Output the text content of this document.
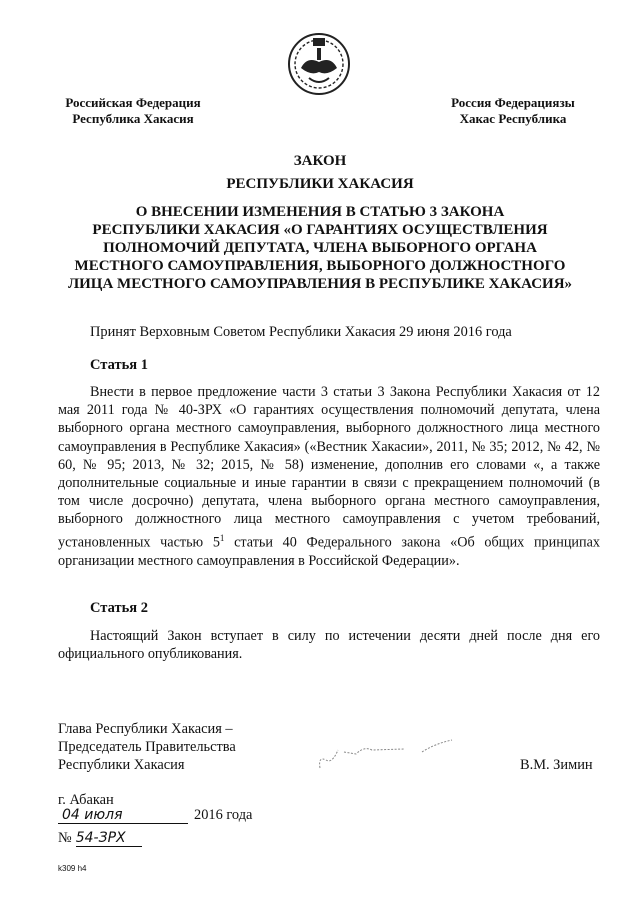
Российская Федерация
Республика Хакасия
Россия Федерациязы
Хакас Республика
ЗАКОН
РЕСПУБЛИКИ ХАКАСИЯ
О ВНЕСЕНИИ ИЗМЕНЕНИЯ В СТАТЬЮ 3 ЗАКОНА
РЕСПУБЛИКИ ХАКАСИЯ «О ГАРАНТИЯХ ОСУЩЕСТВЛЕНИЯ
ПОЛНОМОЧИЙ ДЕПУТАТА, ЧЛЕНА ВЫБОРНОГО ОРГАНА
МЕСТНОГО САМОУПРАВЛЕНИЯ, ВЫБОРНОГО ДОЛЖНОСТНОГО
ЛИЦА МЕСТНОГО САМОУПРАВЛЕНИЯ В РЕСПУБЛИКЕ ХАКАСИЯ»
Принят Верховным Советом Республики Хакасия 29 июня 2016 года
Статья 1
Внести в первое предложение части 3 статьи 3 Закона Республики Хакасия от 12 мая 2011 года № 40-ЗРХ «О гарантиях осуществления полномочий депутата, члена выборного органа местного самоуправления, выборного должностного лица местного самоуправления в Республике Хакасия» («Вестник Хакасии», 2011, № 35; 2012, № 42, № 60, № 95; 2013, № 32; 2015, № 58) изменение, дополнив его словами «, а также дополнительные социальные и иные гарантии в связи с прекращением полномочий (в том числе досрочно) депутата, члена выборного органа местного самоуправления, выборного должностного лица местного самоуправления с учетом требований, установленных частью $5^1$ статьи 40 Федерального закона «Об общих принципах организации местного самоуправления в Российской Федерации».
Статья 2
Настоящий Закон вступает в силу по истечении десяти дней после дня его официального опубликования.
Глава Республики Хакасия –
Председатель Правительства
Республики Хакасия	В.М. Зимин
г. Абакан
04 июля	2016 года
№ 54-ЗРХ
k309 h4
